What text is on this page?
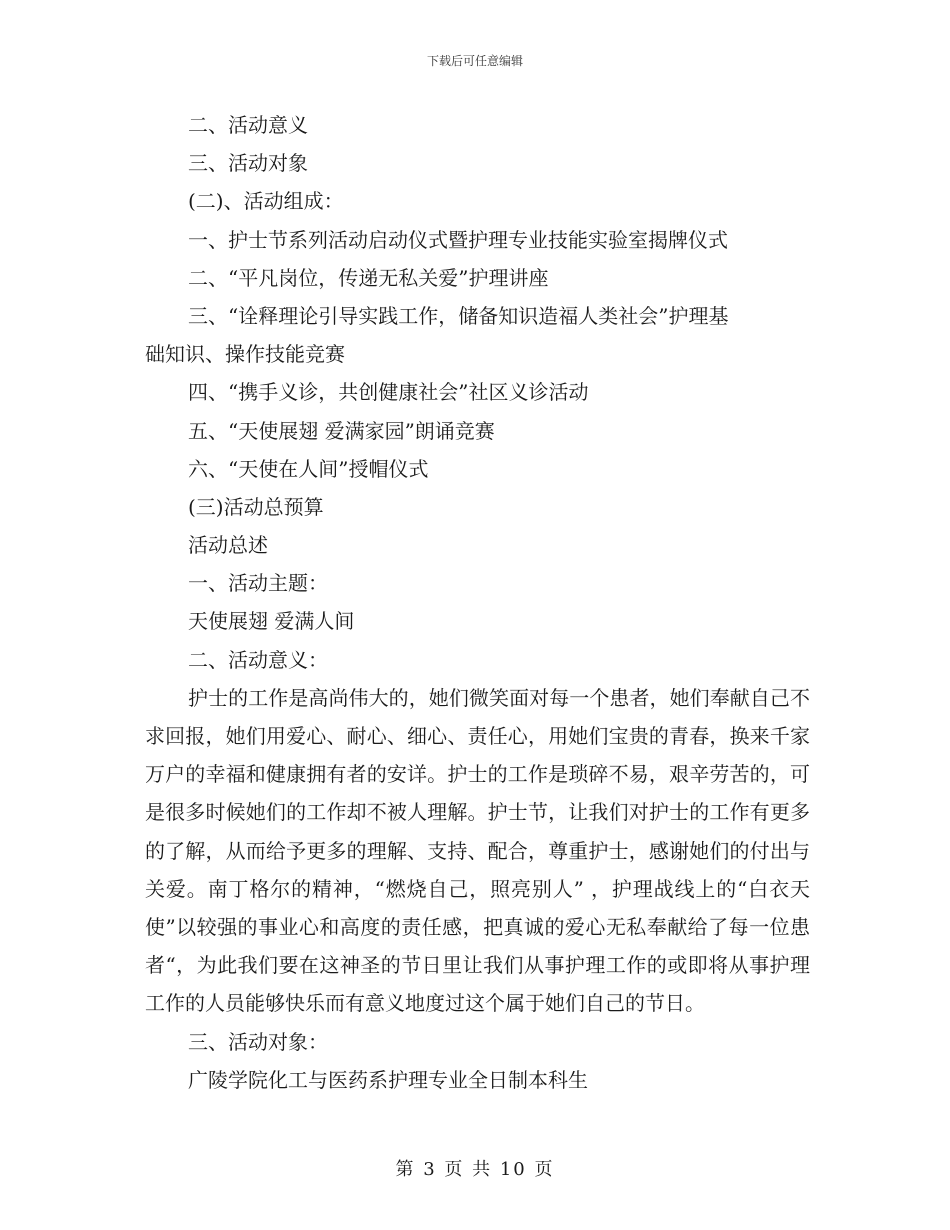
下载后可任意编辑
二、活动意义
三、活动对象
(二)、活动组成：
一、护士节系列活动启动仪式暨护理专业技能实验室揭牌仪式
二、“平凡岗位，传递无私关爱”护理讲座
三、“诠释理论引导实践工作，储备知识造福人类社会”护理基
础知识、操作技能竞赛
四、“携手义诊，共创健康社会”社区义诊活动
五、“天使展翅 爱满家园”朗诵竞赛
六、“天使在人间”授帽仪式
(三)活动总预算
活动总述
一、活动主题：
天使展翅 爱满人间
二、活动意义：

护士的工作是高尚伟大的，她们微笑面对每一个患者，她们奉献自己不求回报，她们用爱心、耐心、细心、责任心，用她们宝贵的青春，换来千家万户的幸福和健康拥有者的安详。护士的工作是琐碎不易，艰辛劳苦的，可是很多时候她们的工作却不被人理解。护士节，让我们对护士的工作有更多的了解，从而给予更多的理解、支持、配合，尊重护士，感谢她们的付出与关爱。南丁格尔的精神，“燃烧自己，照亮别人” ，护理战线上的“白衣天使”以较强的事业心和高度的责任感，把真诚的爱心无私奉献给了每一位患者“，为此我们要在这神圣的节日里让我们从事护理工作的或即将从事护理工作的人员能够快乐而有意义地度过这个属于她们自己的节日。

三、活动对象：
广陵学院化工与医药系护理专业全日制本科生
第 3 页 共 10 页
